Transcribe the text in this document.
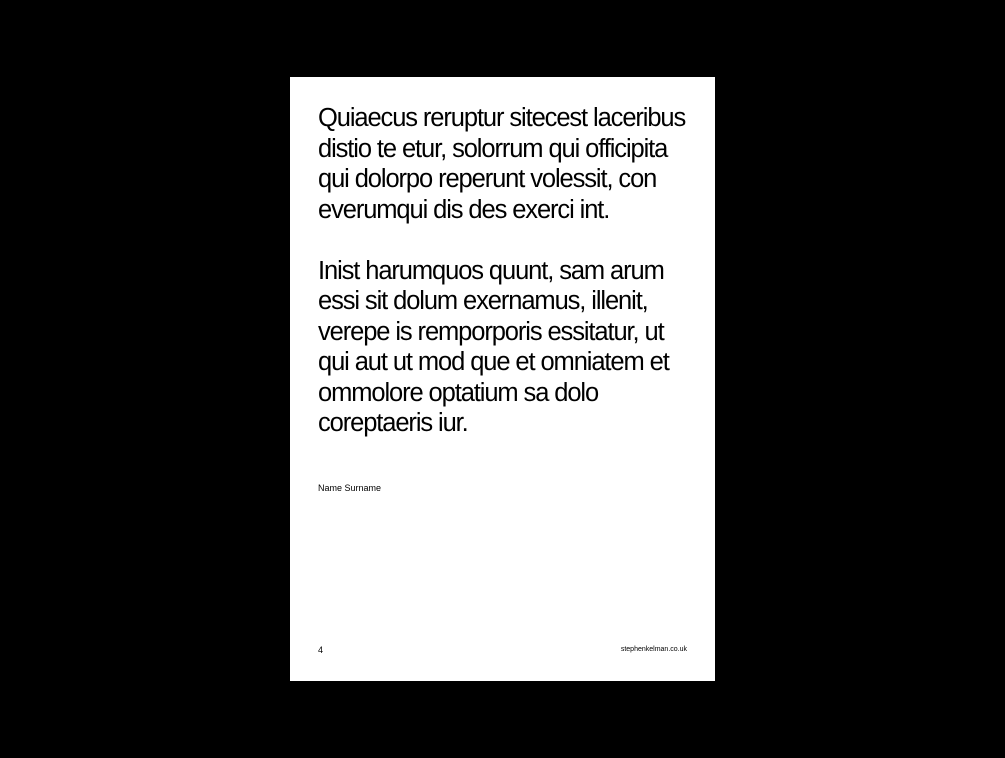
Quiaecus reruptur sitecest laceribus distio te etur, solorrum qui officipita qui dolorpo reperunt volessit, con everumqui dis des exerci int.

Inist harumquos quunt, sam arum essi sit dolum exernamus, illenit, verepe is remporporis essitatur, ut qui aut ut mod que et omniatem et ommolore optatium sa dolo coreptaeris iur.

Name Surname
4	stephenkelman.co.uk
